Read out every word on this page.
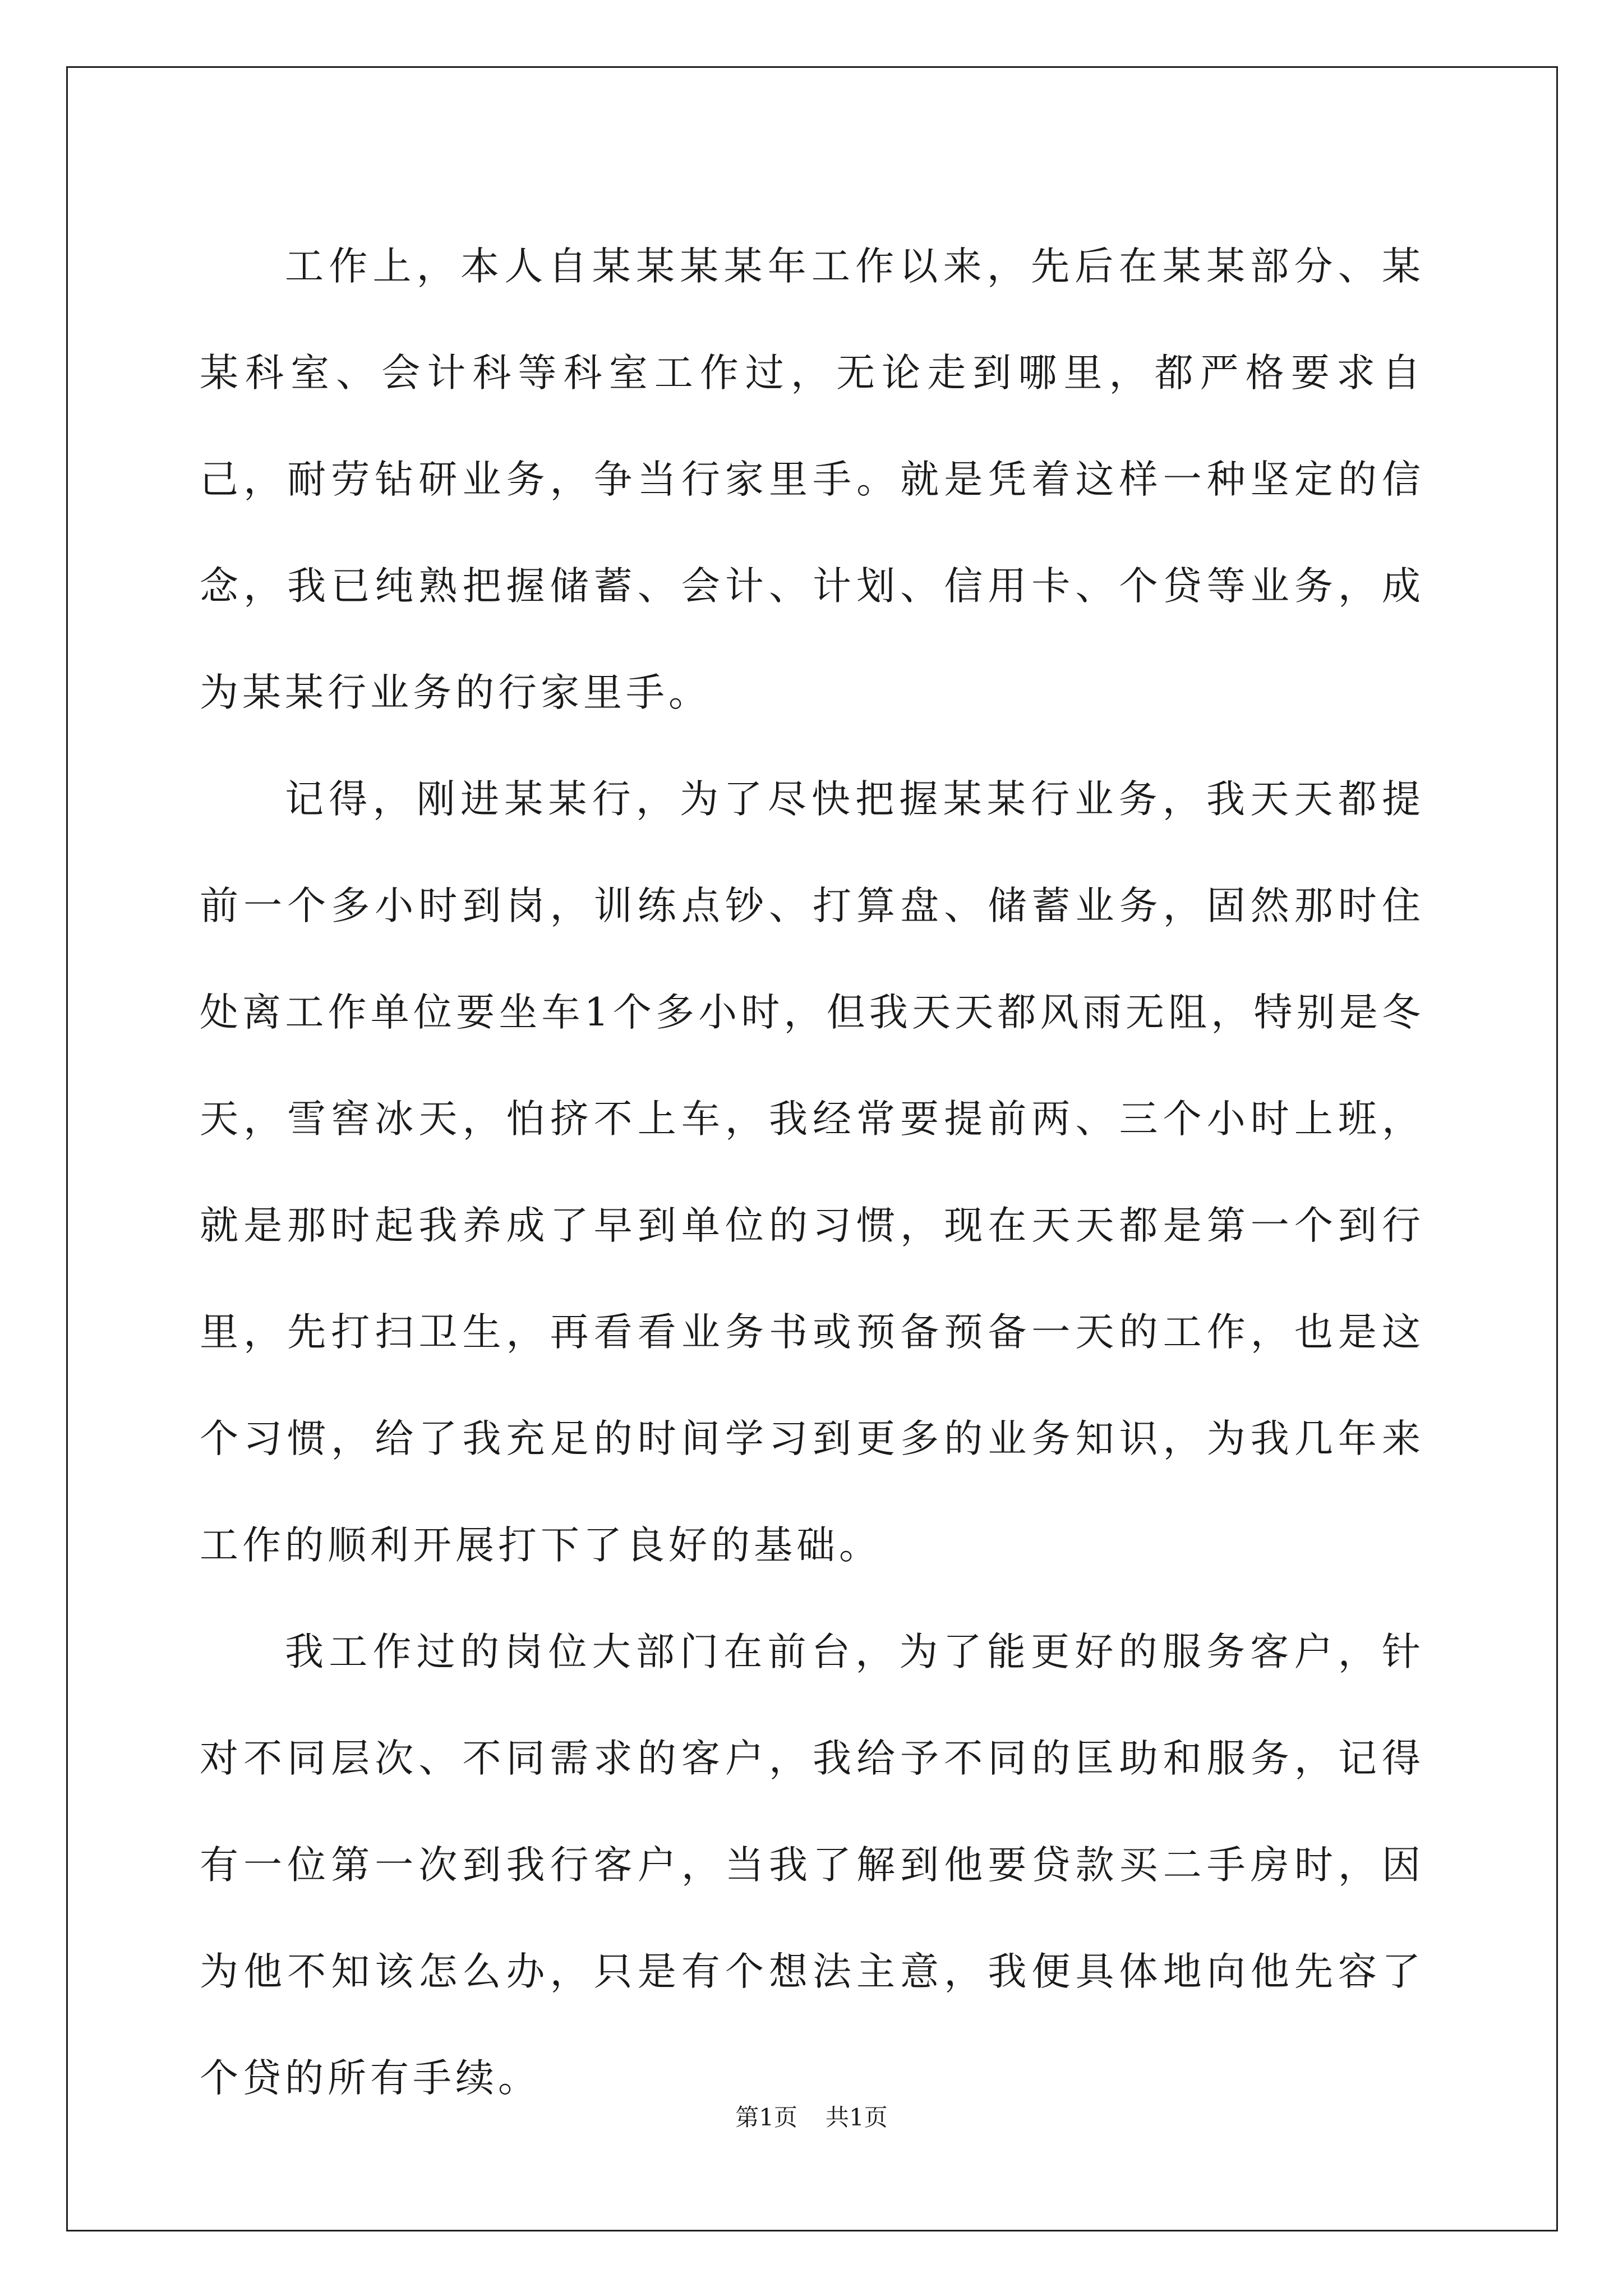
工作上，本人自某某某某年工作以来，先后在某某部分、某某科室、会计科等科室工作过，无论走到哪里，都严格要求自己，耐劳钻研业务，争当行家里手。就是凭着这样一种坚定的信念，我已纯熟把握储蓄、会计、计划、信用卡、个贷等业务，成为某某行业务的行家里手。

记得，刚进某某行，为了尽快把握某某行业务，我天天都提前一个多小时到岗，训练点钞、打算盘、储蓄业务，固然那时住处离工作单位要坐车1个多小时，但我天天都风雨无阻，特别是冬天，雪窖冰天，怕挤不上车，我经常要提前两、三个小时上班，就是那时起我养成了早到单位的习惯，现在天天都是第一个到行里，先打扫卫生，再看看业务书或预备预备一天的工作，也是这个习惯，给了我充足的时间学习到更多的业务知识，为我几年来工作的顺利开展打下了良好的基础。

我工作过的岗位大部门在前台，为了能更好的服务客户，针对不同层次、不同需求的客户，我给予不同的匡助和服务，记得有一位第一次到我行客户，当我了解到他要贷款买二手房时，因为他不知该怎么办，只是有个想法主意，我便具体地向他先容了个贷的所有手续。

第1页 共1页
